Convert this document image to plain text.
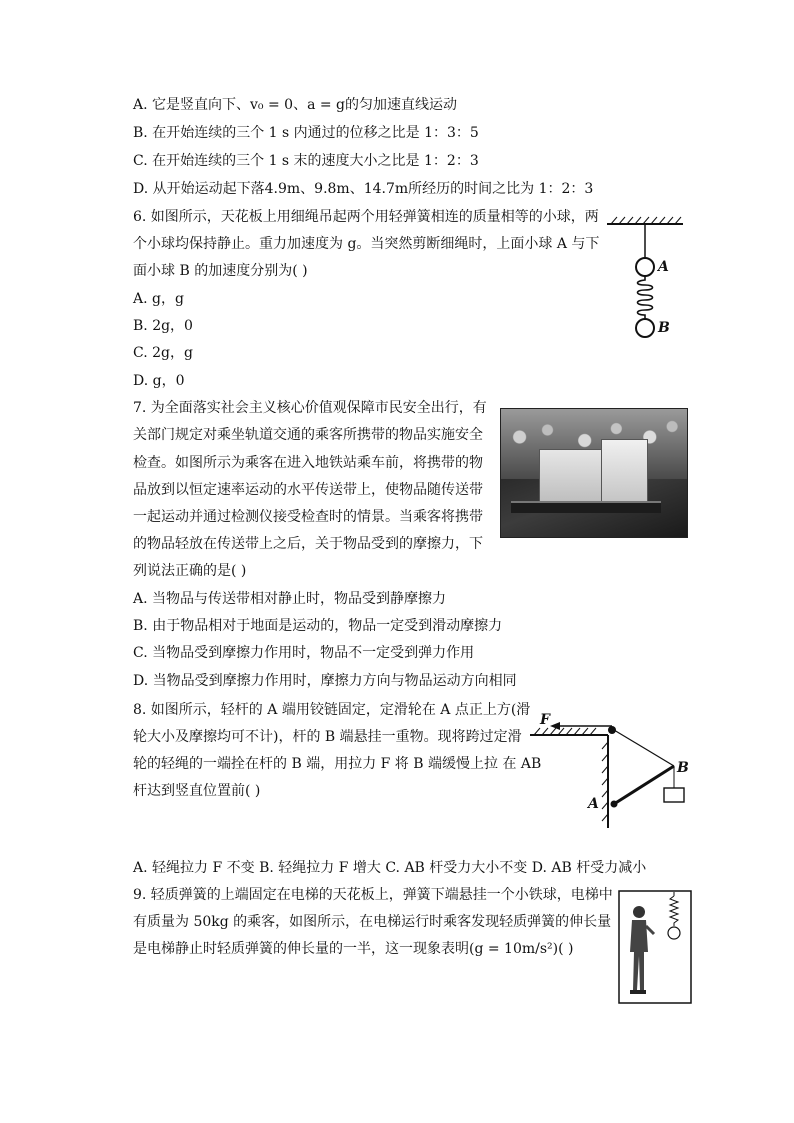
A. 它是竖直向下、v₀ = 0、a = g的匀加速直线运动
B. 在开始连续的三个 1 s 内通过的位移之比是 1：3：5
C. 在开始连续的三个 1 s 末的速度大小之比是 1：2：3
D. 从开始运动起下落4.9m、9.8m、14.7m所经历的时间之比为 1：2：3
6. 如图所示，天花板上用细绳吊起两个用轻弹簧相连的质量相等的小球，两
个小球均保持静止。重力加速度为 g。当突然剪断细绳时，上面小球 A 与下
面小球 B 的加速度分别为( )
A. g，g
B. 2g，0
C. 2g，g
D. g，0
7. 为全面落实社会主义核心价值观保障市民安全出行，有
关部门规定对乘坐轨道交通的乘客所携带的物品实施安全
检查。如图所示为乘客在进入地铁站乘车前，将携带的物
品放到以恒定速率运动的水平传送带上，使物品随传送带
一起运动并通过检测仪接受检查时的情景。当乘客将携带
的物品轻放在传送带上之后，关于物品受到的摩擦力，下
列说法正确的是( )
A. 当物品与传送带相对静止时，物品受到静摩擦力
B. 由于物品相对于地面是运动的，物品一定受到滑动摩擦力
C. 当物品受到摩擦力作用时，物品不一定受到弹力作用
D. 当物品受到摩擦力作用时，摩擦力方向与物品运动方向相同
8. 如图所示，轻杆的 A 端用铰链固定，定滑轮在 A 点正上方(滑
轮大小及摩擦均可不计)，杆的 B 端悬挂一重物。现将跨过定滑
轮的轻绳的一端拴在杆的 B 端，用拉力 F 将 B 端缓慢上拉 在 AB
杆达到竖直位置前( )
A. 轻绳拉力 F 不变 B. 轻绳拉力 F 增大 C. AB 杆受力大小不变 D. AB 杆受力减小
9. 轻质弹簧的上端固定在电梯的天花板上，弹簧下端悬挂一个小铁球，电梯中
有质量为 50kg 的乘客，如图所示，在电梯运行时乘客发现轻质弹簧的伸长量
是电梯静止时轻质弹簧的伸长量的一半，这一现象表明(g = 10m/s²)( )
A
B
F
A
B
